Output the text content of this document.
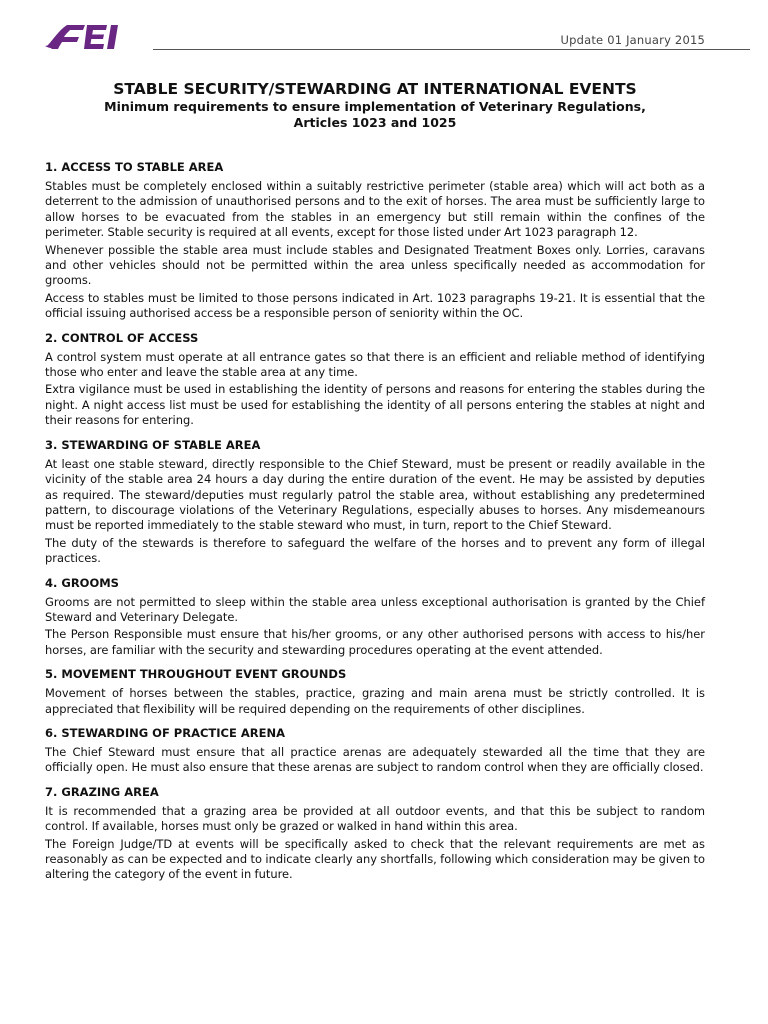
Update 01 January 2015
STABLE SECURITY/STEWARDING AT INTERNATIONAL EVENTS
Minimum requirements to ensure implementation of Veterinary Regulations,
Articles 1023 and 1025
1. ACCESS TO STABLE AREA

Stables must be completely enclosed within a suitably restrictive perimeter (stable area) which will act both as a deterrent to the admission of unauthorised persons and to the exit of horses. The area must be sufficiently large to allow horses to be evacuated from the stables in an emergency but still remain within the confines of the perimeter. Stable security is required at all events, except for those listed under Art 1023 paragraph 12.

Whenever possible the stable area must include stables and Designated Treatment Boxes only. Lorries, caravans and other vehicles should not be permitted within the area unless specifically needed as accommodation for grooms.

Access to stables must be limited to those persons indicated in Art. 1023 paragraphs 19-21. It is essential that the official issuing authorised access be a responsible person of seniority within the OC.

2. CONTROL OF ACCESS

A control system must operate at all entrance gates so that there is an efficient and reliable method of identifying those who enter and leave the stable area at any time.

Extra vigilance must be used in establishing the identity of persons and reasons for entering the stables during the night. A night access list must be used for establishing the identity of all persons entering the stables at night and their reasons for entering.

3. STEWARDING OF STABLE AREA

At least one stable steward, directly responsible to the Chief Steward, must be present or readily available in the vicinity of the stable area 24 hours a day during the entire duration of the event. He may be assisted by deputies as required. The steward/deputies must regularly patrol the stable area, without establishing any predetermined pattern, to discourage violations of the Veterinary Regulations, especially abuses to horses. Any misdemeanours must be reported immediately to the stable steward who must, in turn, report to the Chief Steward.

The duty of the stewards is therefore to safeguard the welfare of the horses and to prevent any form of illegal practices.

4. GROOMS

Grooms are not permitted to sleep within the stable area unless exceptional authorisation is granted by the Chief Steward and Veterinary Delegate.

The Person Responsible must ensure that his/her grooms, or any other authorised persons with access to his/her horses, are familiar with the security and stewarding procedures operating at the event attended.

5. MOVEMENT THROUGHOUT EVENT GROUNDS

Movement of horses between the stables, practice, grazing and main arena must be strictly controlled. It is appreciated that flexibility will be required depending on the requirements of other disciplines.

6. STEWARDING OF PRACTICE ARENA

The Chief Steward must ensure that all practice arenas are adequately stewarded all the time that they are officially open. He must also ensure that these arenas are subject to random control when they are officially closed.

7. GRAZING AREA

It is recommended that a grazing area be provided at all outdoor events, and that this be subject to random control. If available, horses must only be grazed or walked in hand within this area.

The Foreign Judge/TD at events will be specifically asked to check that the relevant requirements are met as reasonably as can be expected and to indicate clearly any shortfalls, following which consideration may be given to altering the category of the event in future.
